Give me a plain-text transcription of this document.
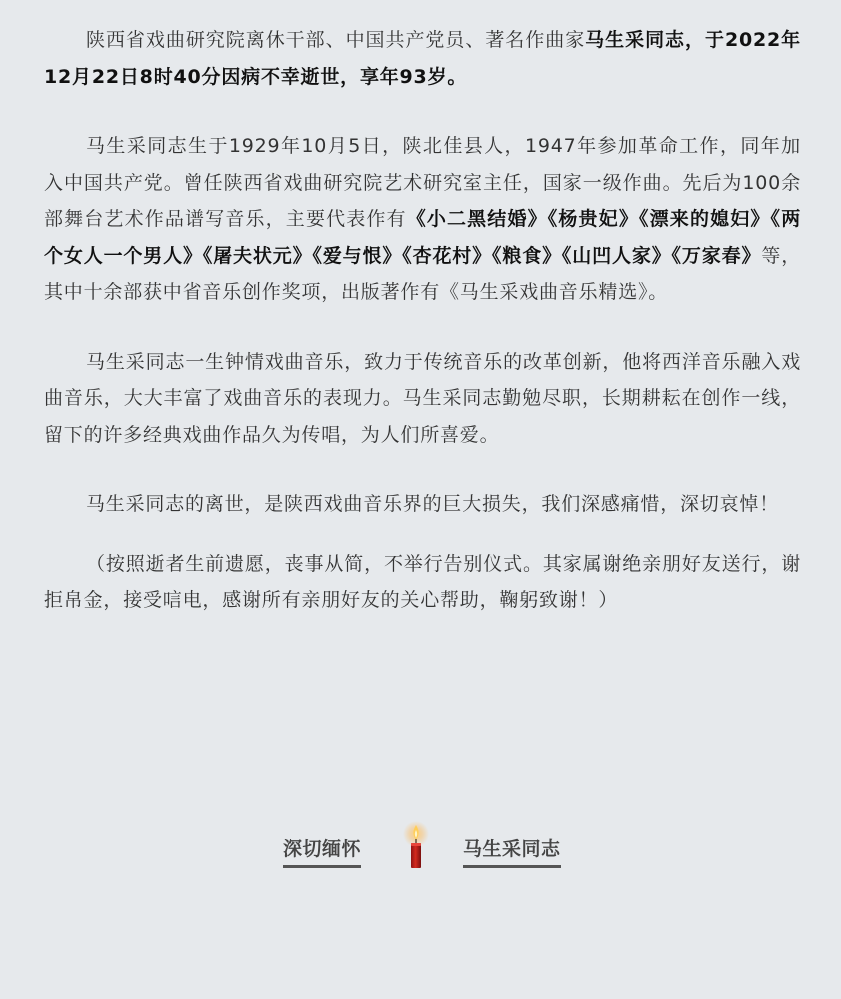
陕西省戏曲研究院离休干部、中国共产党员、著名作曲家马生采同志，于2022年12月22日8时40分因病不幸逝世，享年93岁。

马生采同志生于1929年10月5日，陕北佳县人，1947年参加革命工作，同年加入中国共产党。曾任陕西省戏曲研究院艺术研究室主任，国家一级作曲。先后为100余部舞台艺术作品谱写音乐，主要代表作有《小二黑结婚》《杨贵妃》《漂来的媳妇》《两个女人一个男人》《屠夫状元》《爱与恨》《杏花村》《粮食》《山凹人家》《万家春》等，其中十余部获中省音乐创作奖项，出版著作有《马生采戏曲音乐精选》。

马生采同志一生钟情戏曲音乐，致力于传统音乐的改革创新，他将西洋音乐融入戏曲音乐，大大丰富了戏曲音乐的表现力。马生采同志勤勉尽职，长期耕耘在创作一线，留下的许多经典戏曲作品久为传唱，为人们所喜爱。

马生采同志的离世，是陕西戏曲音乐界的巨大损失，我们深感痛惜，深切哀悼！

（按照逝者生前遗愿，丧事从简，不举行告别仪式。其家属谢绝亲朋好友送行，谢拒帛金，接受唁电，感谢所有亲朋好友的关心帮助，鞠躬致谢！）

深切缅怀	马生采同志
